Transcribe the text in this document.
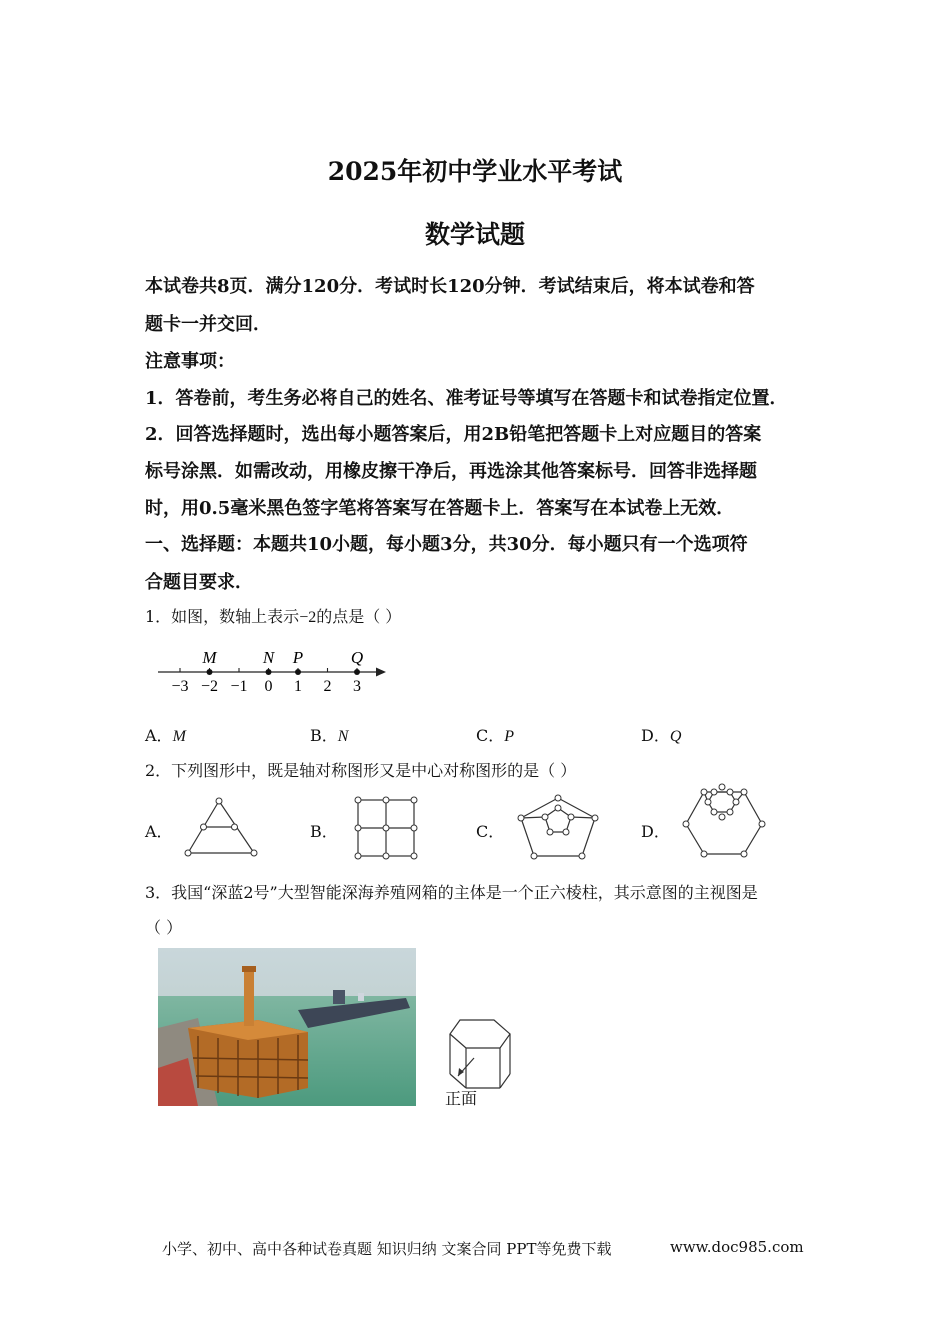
2025年初中学业水平考试
数学试题
本试卷共8页．满分120分．考试时长120分钟．考试结束后，将本试卷和答
题卡一并交回．
注意事项：
1．答卷前，考生务必将自己的姓名、准考证号等填写在答题卡和试卷指定位置．
2．回答选择题时，选出每小题答案后，用2B铅笔把答题卡上对应题目的答案
标号涂黑．如需改动，用橡皮擦干净后，再选涂其他答案标号．回答非选择题
时，用0.5毫米黑色签字笔将答案写在答题卡上．答案写在本试卷上无效．
一、选择题：本题共10小题，每小题3分，共30分．每小题只有一个选项符
合题目要求．
1．如图，数轴上表示−2的点是（ ）
−3 −2 −1 0 1 2 3
M	N P	Q
A．M	B．N	C．P	D．Q
2．下列图形中，既是轴对称图形又是中心对称图形的是（ ）
A．	B．	C．	D．
3．我国“深蓝2号”大型智能深海养殖网箱的主体是一个正六棱柱，其示意图的主视图是
（ ）
正面
小学、初中、高中各种试卷真题 知识归纳 文案合同 PPT等免费下载	www.doc985.com
